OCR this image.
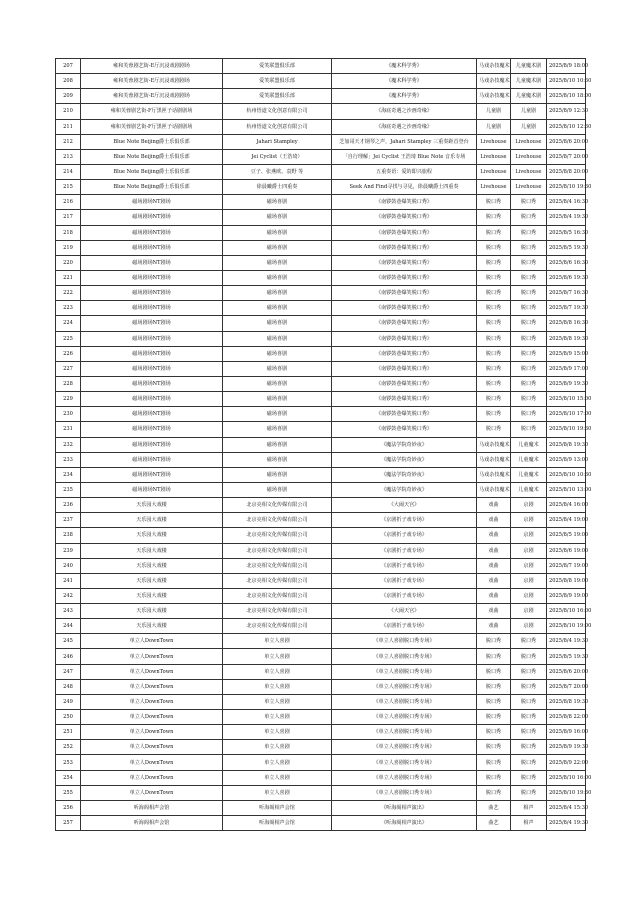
207	雍和芙蓉剧艺街-E厅沉浸戏剧剧场	爱笑联盟俱乐部	《魔术科学秀》	马戏杂技魔术	儿童魔术剧	2025/8/9 18:00
208	雍和芙蓉剧艺街-E厅沉浸戏剧剧场	爱笑联盟俱乐部	《魔术科学秀》	马戏杂技魔术	儿童魔术剧	2025/8/10 10:30
209	雍和芙蓉剧艺街-E厅沉浸戏剧剧场	爱笑联盟俱乐部	《魔术科学秀》	马戏杂技魔术	儿童魔术剧	2025/8/10 18:00
210	雍和芙蓉剧艺街-F厅黑匣子话剧剧场	杭州悟道文化创意有限公司	《海底奇遇之沙画奇缘》	儿童剧	儿童剧	2025/8/9 12:30
211	雍和芙蓉剧艺街-F厅黑匣子话剧剧场	杭州悟道文化创意有限公司	《海底奇遇之沙画奇缘》	儿童剧	儿童剧	2025/8/10 12:30
212	Blue Note Beijing爵士乐俱乐部	Jahari Stampley	芝加哥天才钢琴之声，Jahari Stampley 三重奏距首登台	Livehouse	Livehouse	2025/8/6 20:00
213	Blue Note Beijing爵士乐俱乐部	Jei Cyclist（王浩琦）	「自行理解」Jei Cyclist 王浩琦 Blue Note 音乐专场	Livehouse	Livehouse	2025/8/7 20:00
214	Blue Note Beijing爵士乐俱乐部	豆子、张燕欧、袁野 等	五重奏语：爱的即兴旅程	Livehouse	Livehouse	2025/8/8 20:00
215	Blue Note Beijing爵士乐俱乐部	徐晨曦爵士四重奏	Seek And Find寻找与寻见，徐晨曦爵士四重奏	Livehouse	Livehouse	2025/8/10 19:30
216	磁场剧场NT剧场	磁场喜剧	《南锣鼓巷爆笑脱口秀》	脱口秀	脱口秀	2025/8/4 16:30
217	磁场剧场NT剧场	磁场喜剧	《南锣鼓巷爆笑脱口秀》	脱口秀	脱口秀	2025/8/4 19:30
218	磁场剧场NT剧场	磁场喜剧	《南锣鼓巷爆笑脱口秀》	脱口秀	脱口秀	2025/8/5 16:30
219	磁场剧场NT剧场	磁场喜剧	《南锣鼓巷爆笑脱口秀》	脱口秀	脱口秀	2025/8/5 19:30
220	磁场剧场NT剧场	磁场喜剧	《南锣鼓巷爆笑脱口秀》	脱口秀	脱口秀	2025/8/6 16:30
221	磁场剧场NT剧场	磁场喜剧	《南锣鼓巷爆笑脱口秀》	脱口秀	脱口秀	2025/8/6 19:30
222	磁场剧场NT剧场	磁场喜剧	《南锣鼓巷爆笑脱口秀》	脱口秀	脱口秀	2025/8/7 16:30
223	磁场剧场NT剧场	磁场喜剧	《南锣鼓巷爆笑脱口秀》	脱口秀	脱口秀	2025/8/7 19:30
224	磁场剧场NT剧场	磁场喜剧	《南锣鼓巷爆笑脱口秀》	脱口秀	脱口秀	2025/8/8 16:30
225	磁场剧场NT剧场	磁场喜剧	《南锣鼓巷爆笑脱口秀》	脱口秀	脱口秀	2025/8/8 19:30
226	磁场剧场NT剧场	磁场喜剧	《南锣鼓巷爆笑脱口秀》	脱口秀	脱口秀	2025/8/9 15:00
227	磁场剧场NT剧场	磁场喜剧	《南锣鼓巷爆笑脱口秀》	脱口秀	脱口秀	2025/8/9 17:00
228	磁场剧场NT剧场	磁场喜剧	《南锣鼓巷爆笑脱口秀》	脱口秀	脱口秀	2025/8/9 19:30
229	磁场剧场NT剧场	磁场喜剧	《南锣鼓巷爆笑脱口秀》	脱口秀	脱口秀	2025/8/10 15:00
230	磁场剧场NT剧场	磁场喜剧	《南锣鼓巷爆笑脱口秀》	脱口秀	脱口秀	2025/8/10 17:00
231	磁场剧场NT剧场	磁场喜剧	《南锣鼓巷爆笑脱口秀》	脱口秀	脱口秀	2025/8/10 19:30
232	磁场剧场NT剧场	磁场喜剧	《魔法学院奇妙夜》	马戏杂技魔术	儿童魔术	2025/8/8 19:30
233	磁场剧场NT剧场	磁场喜剧	《魔法学院奇妙夜》	马戏杂技魔术	儿童魔术	2025/8/9 13:00
234	磁场剧场NT剧场	磁场喜剧	《魔法学院奇妙夜》	马戏杂技魔术	儿童魔术	2025/8/10 10:30
235	磁场剧场NT剧场	磁场喜剧	《魔法学院奇妙夜》	马戏杂技魔术	儿童魔术	2025/8/10 13:00
236	天乐园大戏楼	北京亮相文化传媒有限公司	《大闹天宫》	戏曲	京剧	2025/8/4 16:00
237	天乐园大戏楼	北京亮相文化传媒有限公司	《京剧折子戏专场》	戏曲	京剧	2025/8/4 19:00
238	天乐园大戏楼	北京亮相文化传媒有限公司	《京剧折子戏专场》	戏曲	京剧	2025/8/5 19:00
239	天乐园大戏楼	北京亮相文化传媒有限公司	《京剧折子戏专场》	戏曲	京剧	2025/8/6 19:00
240	天乐园大戏楼	北京亮相文化传媒有限公司	《京剧折子戏专场》	戏曲	京剧	2025/8/7 19:00
241	天乐园大戏楼	北京亮相文化传媒有限公司	《京剧折子戏专场》	戏曲	京剧	2025/8/8 19:00
242	天乐园大戏楼	北京亮相文化传媒有限公司	《京剧折子戏专场》	戏曲	京剧	2025/8/9 19:00
243	天乐园大戏楼	北京亮相文化传媒有限公司	《大闹天宫》	戏曲	京剧	2025/8/10 16:00
244	天乐园大戏楼	北京亮相文化传媒有限公司	《京剧折子戏专场》	戏曲	京剧	2025/8/10 19:00
245	单立人DownTown	单立人喜剧	《单立人喜剧脱口秀专场》	脱口秀	脱口秀	2025/8/4 19:30
246	单立人DownTown	单立人喜剧	《单立人喜剧脱口秀专场》	脱口秀	脱口秀	2025/8/5 19:30
247	单立人DownTown	单立人喜剧	《单立人喜剧脱口秀专场》	脱口秀	脱口秀	2025/8/6 20:00
248	单立人DownTown	单立人喜剧	《单立人喜剧脱口秀专场》	脱口秀	脱口秀	2025/8/7 20:00
249	单立人DownTown	单立人喜剧	《单立人喜剧脱口秀专场》	脱口秀	脱口秀	2025/8/8 19:30
250	单立人DownTown	单立人喜剧	《单立人喜剧脱口秀专场》	脱口秀	脱口秀	2025/8/8 22:00
251	单立人DownTown	单立人喜剧	《单立人喜剧脱口秀专场》	脱口秀	脱口秀	2025/8/9 16:00
252	单立人DownTown	单立人喜剧	《单立人喜剧脱口秀专场》	脱口秀	脱口秀	2025/8/9 19:30
253	单立人DownTown	单立人喜剧	《单立人喜剧脱口秀专场》	脱口秀	脱口秀	2025/8/9 22:00
254	单立人DownTown	单立人喜剧	《单立人喜剧脱口秀专场》	脱口秀	脱口秀	2025/8/10 16:00
255	单立人DownTown	单立人喜剧	《单立人喜剧脱口秀专场》	脱口秀	脱口秀	2025/8/10 19:30
256	听海阁相声会馆	听海阁相声会馆	《听海阁相声演出》	曲艺	相声	2025/8/4 15:30
257	听海阁相声会馆	听海阁相声会馆	《听海阁相声演出》	曲艺	相声	2025/8/4 19:30
